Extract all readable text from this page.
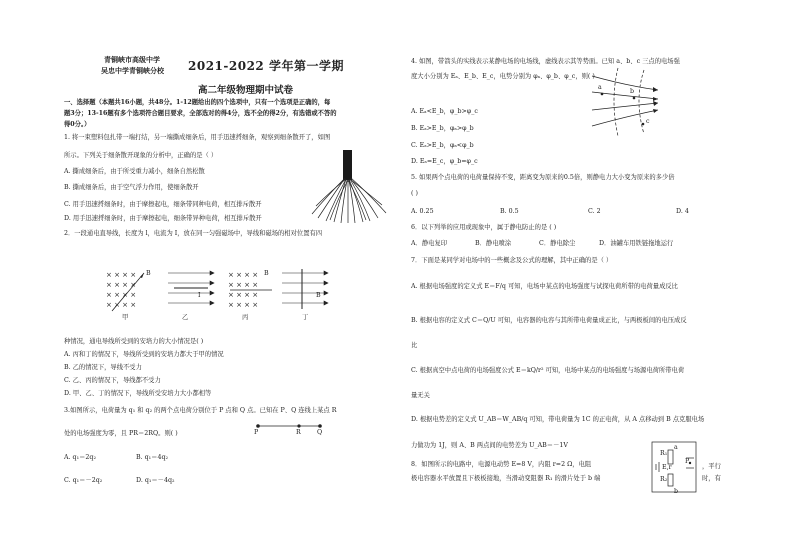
青铜峡市高级中学
吴忠中学青铜峡分校 2021-2022 学年第一学期
高二年级物理期中试卷
一、选择题（本题共16小题，共48分。1-12题给出的四个选项中，只有一个选项是正确的，每
题3分；13-16题有多个选项符合题目要求，全部选对的得4分，选不全的得2分，有选错或不答的
得0分。）
1. 将一束塑料包扎带一端打结，另一端撕成细条后，用手迅速捋细条，观察到细条散开了，如图
所示。下列关于细条散开现象的分析中，正确的是（ ）
A. 撕成细条后，由于所受重力减小，细条自然松散
B. 撕成细条后，由于空气浮力作用，使细条散开
C. 用手迅速捋细条时，由于摩擦起电，细条带同种电荷，相互排斥散开
D. 用手迅速捋细条时，由于摩擦起电，细条带异种电荷，相互排斥散开
2．一段通电直导线，长度为 l，电流为 I，放在同一匀强磁场中，导线和磁场的相对位置有四
× × × ×
× × × ×
× × × ×
× × × ×
× × × ×
× × × ×
× × × ×
× × × ×
B
I
B
B
甲	乙	丙	丁
种情况，通电导线所受到的安培力的大小情况是( )
A. 丙和丁的情况下，导线所受到的安培力都大于甲的情况
B. 乙的情况下，导线不受力
C. 乙、丙的情况下，导线都不受力
D. 甲、乙、丁的情况下，导线所受安培力大小都相等
3.如图所示，电荷量为 q₁ 和 q₂ 的两个点电荷分别位于 P 点和 Q 点。已知在 P、Q 连线上某点 R
P	R	Q
处的电场强度为零，且 PR＝2RQ。则( )
A. q₁＝2q₂	B. q₁＝4q₂
C. q₁＝－2q₂	D. q₁＝－4q₂
4. 如图，带箭头的实线表示某静电场的电场线，虚线表示其等势面。已知 a、b、c 三点的电场强
度大小分别为 Eₐ、E_b、E_c，电势分别为 φₐ、φ_b、φ_c，则( )
a
b
c
A. Eₐ<E_b，φ_b>φ_c
B. Eₐ>E_b，φₐ>φ_b
C. Eₐ>E_b，φₐ<φ_b
D. Eₐ=E_c，φ_b=φ_c
5. 如果两个点电荷的电荷量保持不变，距离变为原来的0.5倍，则静电力大小变为原来的多少倍
( )
A. 0.25	B. 0.5	C. 2	D. 4
6．以下列举的应用或现象中，属于静电防止的是 ( )
A．静电复印	B．静电喷涂	C．静电除尘	D．油罐车用铁链拖地运行
7．下面是某同学对电场中的一些概念及公式的理解，其中正确的是（ ）
A. 根据电场强度的定义式 E＝F/q 可知，电场中某点的电场强度与试探电荷所带的电荷量成反比
B. 根据电容的定义式 C＝Q/U 可知，电容器的电容与其所带电荷量成正比，与两极板间的电压成反
比
C. 根据真空中点电荷的电场强度公式 E＝kQ/r² 可知，电场中某点的电场强度与场源电荷所带电荷
量无关
D. 根据电势差的定义式 U_AB＝W_AB/q 可知，带电荷量为 1C 的正电荷，从 A 点移动到 B 点克服电场
力做功为 1J，则 A、B 两点间的电势差为 U_AB＝－1V
8．如图所示的电路中，电源电动势 E=8 V，内阻 r=2 Ω，电阻
极电容器水平放置且下极板接地，当滑动变阻器 R₁ 的滑片处于 b 端
，平行
时，有
R₁
R₂
E,r
P
a
b
